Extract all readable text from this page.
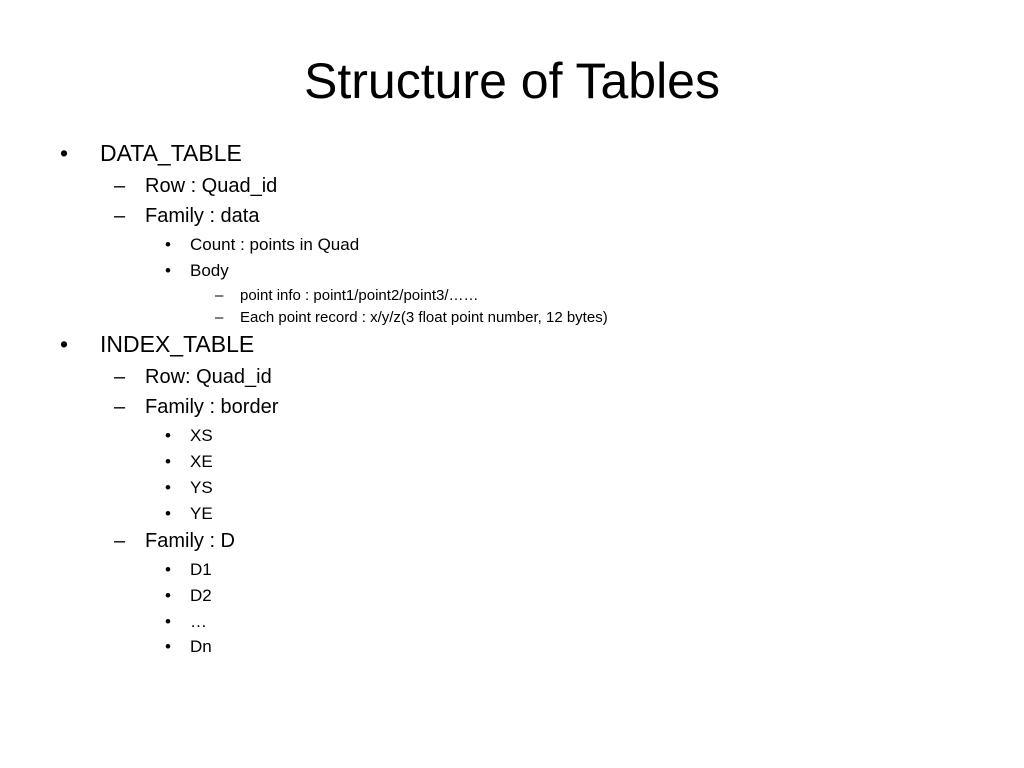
Structure of Tables
• DATA_TABLE
– Row : Quad_id
– Family : data
• Count : points in Quad
• Body
– point info : point1/point2/point3/……
– Each point record : x/y/z(3 float point number, 12 bytes)
• INDEX_TABLE
– Row: Quad_id
– Family : border
• XS
• XE
• YS
• YE
– Family : D
• D1
• D2
• …
• Dn
